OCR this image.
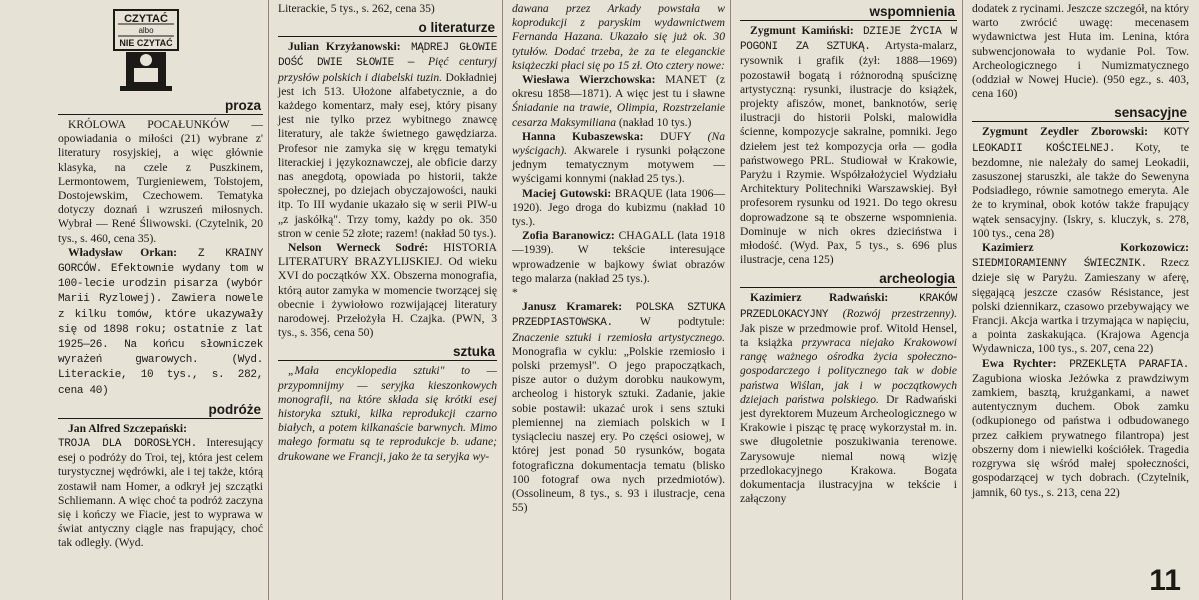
CZYTAĆ
albo
NIE CZYTAĆ
proza

KRÓLOWA POCAŁUNKÓW — opowiadania o miłości (21) wybrane z' literatury rosyjskiej, a więc głównie klasyka, na czele z Puszkinem, Lermontowem, Turgieniewem, Tołstojem, Dostojewskim, Czechowem. Tematyka dotyczy doznań i wzruszeń miłosnych. Wybrał — René Śliwowski. (Czytelnik, 20 tys., s. 460, cena 35).

Władysław Orkan: Z KRAINY GORCÓW. Efektownie wydany tom w 100-lecie urodzin pisarza (wybór Marii Ryzlowej). Zawiera nowele z kilku tomów, które ukazywały się od 1898 roku; ostatnie z lat 1925—26. Na końcu słowniczek wyrażeń gwarowych. (Wyd. Literackie, 10 tys., s. 282, cena 40)

podróże

Jan Alfred Szczepański:
TROJA DLA DOROSŁYCH. Interesujący esej o podróży do Troi, tej, która jest celem turystycznej wędrówki, ale i tej także, którą zostawił nam Homer, a odkrył jej szczątki Schliemann. A więc choć ta podróż zaczyna się i kończy we Fiacie, jest to wyprawa w świat antyczny ciągle nas frapujący, choć tak odległy. (Wyd.

Literackie, 5 tys., s. 262, cena 35)

o literaturze

Julian Krzyżanowski: MĄDREJ GŁOWIE DOŚĆ DWIE SŁOWIE — Pięć centuryj przysłów polskich i diabelski tuzin. Dokładniej jest ich 513. Ułożone alfabetycznie, a do każdego komentarz, mały esej, który pisany jest nie tylko przez wybitnego znawcę literatury, ale także świetnego gawędziarza. Profesor nie zamyka się w kręgu tematyki literackiej i językoznawczej, ale obficie darzy nas anegdotą, opowiada po historii, także społecznej, po dziejach obyczajowości, nauki itp. To III wydanie ukazało się w serii PIW-u „z jaskółką". Trzy tomy, każdy po ok. 350 stron w cenie 52 złote; razem! (nakład 50 tys.).

Nelson Werneck Sodré: HISTORIA LITERATURY BRAZYLIJSKIEJ. Od wieku XVI do początków XX. Obszerna monografia, którą autor zamyka w momencie tworzącej się obecnie i żywiołowo rozwijającej literatury narodowej. Przełożyła H. Czajka. (PWN, 3 tys., s. 356, cena 50)

sztuka

„Mała encyklopedia sztuki" to — przypomnijmy — seryjka kieszonkowych monografii, na które składa się krótki esej historyka sztuki, kilka reprodukcji czarno białych, a potem kilkanaście barwnych. Mimo małego formatu są te reprodukcje b. udane; drukowane we Francji, jako że ta seryjka wy-

dawana przez Arkady powstała w koprodukcji z paryskim wydawnictwem Fernanda Hazana. Ukazało się już ok. 30 tytułów. Dodać trzeba, że za te eleganckie książeczki płaci się po 15 zł. Oto cztery nowe:

Wiesława Wierzchowska: MANET (z okresu 1858—1871). A więc jest tu i sławne Śniadanie na trawie, Olimpia, Rozstrzelanie cesarza Maksymiliana (nakład 10 tys.)

Hanna Kubaszewska: DUFY (Na wyścigach). Akwarele i rysunki połączone jednym tematycznym motywem — wyścigami konnymi (nakład 25 tys.).

Maciej Gutowski: BRAQUE (lata 1906—1920). Jego droga do kubizmu (nakład 10 tys.).

Zofia Baranowicz: CHAGALL (lata 1918—1939). W tekście interesujące wprowadzenie w bajkowy świat obrazów tego malarza (nakład 25 tys.).

*

Janusz Kramarek: POLSKA SZTUKA PRZEDPIASTOWSKA. W podtytule: Znaczenie sztuki i rzemiosła artystycznego. Monografia w cyklu: „Polskie rzemiosło i polski przemysł". O jego prapoczątkach, pisze autor o dużym dorobku naukowym, archeolog i historyk sztuki. Zadanie, jakie sobie postawił: ukazać urok i sens sztuki plemiennej na ziemiach polskich w I tysiącleciu naszej ery. Po części osiowej, w której jest ponad 50 rysunków, bogata fotograficzna dokumentacja tematu (blisko 100 fotograf owa nych przedmiotów). (Ossolineum, 8 tys., s. 93 i ilustracje, cena 55)

wspomnienia

Zygmunt Kamiński: DZIEJE ŻYCIA W POGONI ZA SZTUKĄ. Artysta-malarz, rysownik i grafik (żył: 1888—1969) pozostawił bogatą i różnorodną spuściznę artystyczną: rysunki, ilustracje do książek, projekty afiszów, monet, banknotów, serię ilustracji do historii Polski, malowidła ścienne, kompozycje sakralne, pomniki. Jego dziełem jest też kompozycja orła — godła państwowego PRL. Studiował w Krakowie, Paryżu i Rzymie. Współzałożyciel Wydziału Architektury Politechniki Warszawskiej. Był profesorem rysunku od 1921. Do tego okresu doprowadzone są te obszerne wspomnienia. Dominuje w nich okres dzieciństwa i młodość. (Wyd. Pax, 5 tys., s. 696 plus ilustracje, cena 125)

archeologia

Kazimierz Radwański: KRAKÓW PRZEDLOKACYJNY (Rozwój przestrzenny). Jak pisze w przedmowie prof. Witold Hensel, ta książka przywraca niejako Krakowowi rangę ważnego ośrodka życia społeczno-gospodarczego i politycznego tak w dobie państwa Wiślan, jak i w początkowych dziejach państwa polskiego. Dr Radwański jest dyrektorem Muzeum Archeologicznego w Krakowie i pisząc tę pracę wykorzystał m. in. swe długoletnie poszukiwania terenowe. Zarysowuje niemal nową wizję przedlokacyjnego Krakowa. Bogata dokumentacja ilustracyjna w tekście i załączony

dodatek z rycinami. Jeszcze szczegół, na który warto zwrócić uwagę: mecenasem wydawnictwa jest Huta im. Lenina, która subwencjonowała to wydanie Pol. Tow. Archeologicznego i Numizmatycznego (oddział w Nowej Hucie). (950 egz., s. 403, cena 160)

sensacyjne

Zygmunt Zeydler Zborowski: KOTY LEOKADII KOŚCIELNEJ. Koty, te bezdomne, nie należały do samej Leokadii, zasuszonej staruszki, ale także do Sewenyna Podsiadłego, równie samotnego emeryta. Ale że to kryminał, obok kotów także frapujący wątek sensacyjny. (Iskry, s. kluczyk, s. 278, 100 tys., cena 28)

Kazimierz Korkozowicz: SIEDMIORAMIENNY ŚWIECZNIK. Rzecz dzieje się w Paryżu. Zamieszany w aferę, sięgającą jeszcze czasów Résistance, jest polski dziennikarz, czasowo przebywający we Francji. Akcja wartka i trzymająca w napięciu, a pointa zaskakująca. (Krajowa Agencja Wydawnicza, 100 tys., s. 207, cena 22)

Ewa Rychter: PRZEKLĘTA PARAFIA. Zagubiona wioska Jeżówka z prawdziwym zamkiem, basztą, krużgankami, a nawet autentycznym duchem. Obok zamku (odkupionego od państwa i odbudowanego przez całkiem prywatnego filantropa) jest obszerny dom i niewielki kościółek. Tragedia rozgrywa się wśród małej społeczności, gospodarzącej w tych dobrach. (Czytelnik, jamnik, 60 tys., s. 213, cena 22)

11
